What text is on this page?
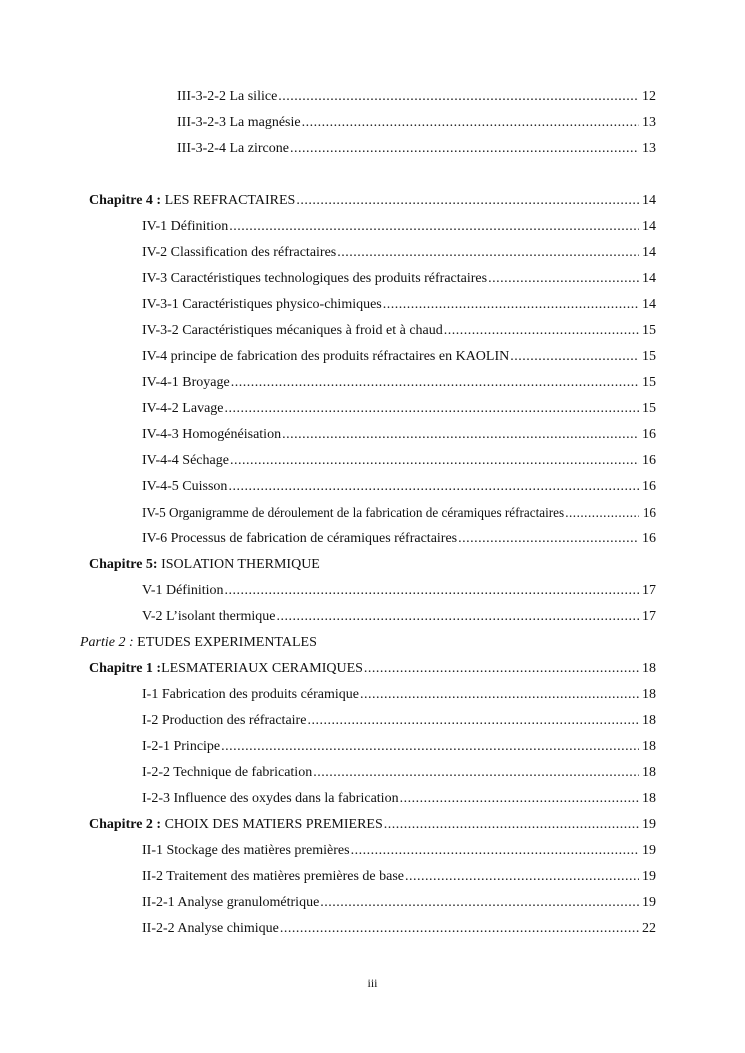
III-3-2-2 La silice .....	12
III-3-2-3 La magnésie .....	13
III-3-2-4 La zircone .....	13
Chapitre 4 : LES REFRACTAIRES .....	14
IV-1 Définition .....	14
IV-2 Classification des réfractaires .....	14
IV-3 Caractéristiques technologiques des produits réfractaires .....	14
IV-3-1 Caractéristiques physico-chimiques .....	14
IV-3-2 Caractéristiques mécaniques à froid et à chaud .....	15
IV-4 principe de fabrication des produits réfractaires en KAOLIN .....	15
IV-4-1 Broyage .....	15
IV-4-2 Lavage .....	15
IV-4-3 Homogénéisation .....	16
IV-4-4 Séchage .....	16
IV-4-5 Cuisson .....	16
IV-5 Organigramme de déroulement de la fabrication de céramiques réfractaires .....	16
IV-6 Processus de fabrication de céramiques réfractaires .....	16
Chapitre 5: ISOLATION THERMIQUE
V-1 Définition .....	17
V-2 L’isolant thermique .....	17
Partie 2 : ETUDES EXPERIMENTALES
Chapitre 1 :LESMATERIAUX CERAMIQUES .....	18
I-1 Fabrication des produits céramique .....	18
I-2 Production des réfractaire .....	18
I-2-1 Principe .....	18
I-2-2 Technique de fabrication .....	18
I-2-3 Influence des oxydes dans la fabrication .....	18
Chapitre 2 : CHOIX DES MATIERS PREMIERES .....	19
II-1 Stockage des matières premières .....	19
II-2 Traitement des matières premières de base .....	19
II-2-1 Analyse granulométrique .....	19
II-2-2 Analyse chimique .....	22
iii
